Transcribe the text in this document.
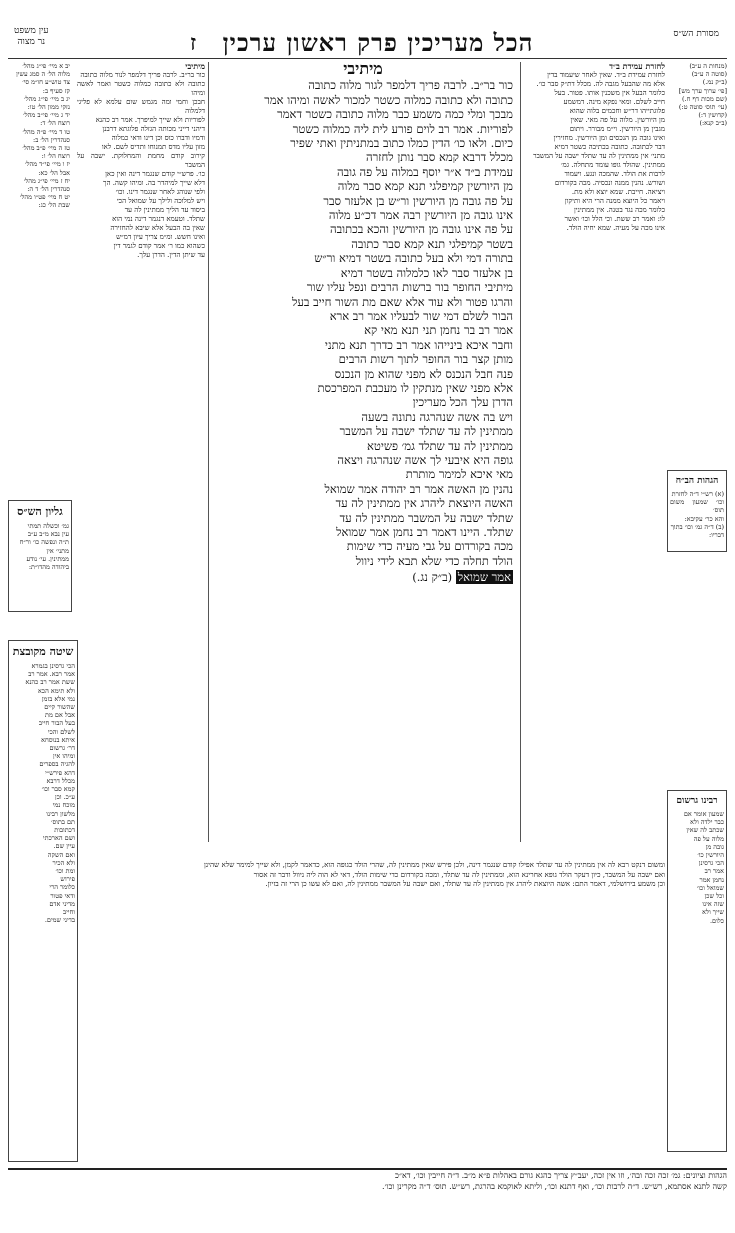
מסורת הש״ס
הכל מעריכין פרק ראשון ערכין
ז
עין משפט
נר מצוה
(מנחות ה ע״ב)
(סוטה ה ע״ב)
(ב״ק נמ.)
[פי׳ ערוך ערך מש]
(שם מכות דף ח.)
(עי׳ תוס׳ סוטה ט:)
(קדושין ד:)
(ב״ב קנא:)
לחזרת עמידת ב״ד
לחזרת עמידת ב״ד. שאין לאחר שיעמוד בדין
אלא מה שהבעל מגבה לה. מכלל דת״ק סבר כו׳.
כלומר הבעל אין משכנין אותו. פטור. בעל
חייב לשלם. ומאי נפקא מינה. דמשמע
פלוגתייהו דר״ש וחכמים בלוה שהוא
מן היורשין. מלוה על פה מאי. שאין
מגבין מן היורשין. וי״מ מבורר. ויתום
ואינו גובה מן הנכסים ומן היורשין. מחזירין
דבר לכתובה. כתובה בכתיבה כשטר דמיא
מתני׳ אין ממתינין לה עד שתלד ישבה על המשבר
ממתינין. שהולד גופו עומד מתחלה. גמ׳
לרבות את הולד. שהמכה ונגע. ויעמוד
ושורש. נהנין ממנה ונכסיה. מכה בקורדום
ויציאה. חייבת. שמא יוצא ולא מת.
ויאמר כל היוצא ממנה הרי היא ותיקון
כלומר מכה נגד בטנה. אין ממתינין
לו: ואמר רב ששת. וכי הלל וכו׳ ואשר
אינו מכה על מעיה. שמא יחיה הולד.
מיתיבי
כור בר״ב. לרבה פריך דלמפר לגור מלוה כתובה
כתובה ולא כתובה כמלוה כשטר למכור לאשה ומיהו אמר
מבכך ומלי כמה משמע כבר מלוה כתובה כשטר דאמר
לפוריות. אמר רב לוים פורע לית ליה כמלוה כשטר
כיום. ולאו כו׳ הדין כמלו כתוב במתניתין ואתי שפיר
מכלל דרבא קמא סבר נותן לחזרה
עמידת ב״ד א״ר יוסף במלוה על פה גובה
מן היורשין קמיפלגי תנא קמא סבר מלוה
על פה גובה מן היורשין ור״ש בן אלעזר סבר
אינו גובה מן היורשין רבה אמר דכ״ע מלוה
על פה אינו גובה מן היורשין והכא בכתובה
בשטר קמיפלגי תנא קמא סבר כתובה
בתורה דמי ולא בעל כתובה בשטר דמיא ור״ש
בן אלעזר סבר לאו כלמלוה בשטר דמיא
מיתיבי החופר בור ברשות הרבים ונפל עליו שור
והרגו פטור ולא עוד אלא שאם מת השור חייב בעל
הבור לשלם דמי שור לבעליו אמר רב ארא
אמר רב בר נחמן תני תנא מאי קא
וחבר איכא בינייהו אמר רב כדרך תנא מתני
מותן קצר בור החופר לתוך רשות הרבים
פנה חבל הנכנס לא מפני שהוא מן הנכנס
אלא מפני שאין מנתקין לו מעכבת המפרכסת
הדרן עלך הכל מעריכין
ויש בה אשה שנהרגה נתונה בשעה
ממתינין לה עד שתלד ישבה על המשבר
ממתינין לה עד שתלד גמ׳ פשיטא
גופה היא איבעי לך אשה שנהרגה ויצאה
מאי איכא למימר מותרת
נהנין מן האשה אמר רב יהודה אמר שמואל
האשה היוצאת ליהרג אין ממתינין לה עד
שתלד ישבה על המשבר ממתינין לה עד
שתלד. היינו דאמר רב נחמן אמר שמואל
מכה בקורדום על גבי מעיה כדי שימות
הולד תחלה כדי שלא תבא לידי ניוול
אמר שמואל (ב״ק נג.)
מיתיבי
כור בר״ב. לרבה פריך דלמפר לנור מלוה כתובה
כתובה ולא כתובה כמלוה כשטר ואמר לאשה ומיהו
חבכן וחמי ומה מגמש שום עלמא לא פליגי דלמלוה
לפוריות ולא שייך למיפרך. אמר רב כהנא
דיהני דייני מכותה הגזלה פלוגתא דרבנן
ודמיו ודברו כוס וכן דינו ודאי כמלוה
מזון עליו מדס תמנוחו ותדיס לשם. לאו
קירוב קודם מחמת והמחלוקת. ישבה על המשבר
כו׳. פרש״י קודם שנגמר דינה ואין כאן
דלא שייך למיהדר בה. ומיהו קשה. הך
ולפי שנוהג לאחר שנגמר דינו. וכו׳
ויש למלוכה ולילך על שמואל הכי
ביסוד עד הליך ממתינין לה עד
שתלד. וטעמא דנגמר דינה נמי הוא
שאין בה הבעל אלא שיבא להחזירה
ואינו חשש. ומ״מ צריך עיון דמ״ש
כשהוא כמו ר׳ אמר קודם לגמר דין
עד שיתן הדין. הדרן עלך.
יב א מיי׳ פי״ג מהל׳
מלוה הל׳ ה סמג עשין
צד טוש״ע חו״מ סי׳
קז סעיף ב:
יג ב מיי׳ פי״ג מהל׳
נזקי ממון הל׳ טו:
יד ג מיי׳ פי״ב מהל׳
רוצח הל׳ ד:
טו ד מיי׳ פ״ה מהל׳
סנהדרין הל׳ ב:
טז ה מיי׳ פ״ב מהל׳
רוצח הל׳ ו:
יז ו מיי׳ פי״ד מהל׳
אבל הל׳ כא:
יח ז מיי׳ פי״ג מהל׳
סנהדרין הל׳ ד ה:
יט ח מיי׳ פט״ו מהל׳
שבת הל׳ כג:
גליון הש״ס
גמ׳ וכשלה תמתי
עין נבא מ״ב ע״ב
ת״ה ונפשה כו׳ ור״ח
מתני׳ אין
ממתינין. עי׳ נודע
ביהודה מהדו״ת:
שיטה מקובצת
הכי גרסינן בגמרא
אמר רבא. אמר רב
ששת אמר רב כהנא
ולא תימא הכא
נמי אלא בזמן
שהשור קיים
אבל אם מת
בעל הבור חייב
לשלם והכי
איתא בנוסחא
דר׳ גרשום
ומיהו אין
להגיה בספרים
דהא פירש״י
מכלל דרבא
קמא סבר וכו׳
ע״כ. וכן
מוכח נמי
מלשון רבינו
תם בתוס׳
דכתובות
ושם הארכתי
עיין שם.
ואם השקה
ולא הכיר
ומת וכו׳
פירוש
כלומר הרי
ודאי פטור
מדיני אדם
וחייב
בדיני שמים.
הגהות הב״ח
(א) רש״י ד״ה לחזרת
וכו׳ שמעון משום תוס׳
והא כר׳ עקיבא:
(ב) ד״ה גמ׳ וכו׳ בתוך
דבריו:
רבינו גרשום
שמעון אומר אם
כבר ילדה ולא
שכתב לה שאין
מלוה על פה
גובה מן
היורשין כו׳
הכי גרסינן
אמר רב
נחמן אמר
שמואל וכו׳
וכל שכן
שזה אינו
שייך ולא
כלום.
ומשום דנקט רבא לה אין ממתינין לה עד שתלד אפילו קודם שנגמר דינה, ולכן פירש שאין ממתינין לה, שהרי הולד כגופה הוא, כדאמר לקמן, ולא שייך למימר שלא שהינן
ואם ישבה על המשבר, כיון דעקר הולד גופא אחרינא הוא, וממתינין לה עד שתלד, ומכה בקורדום כדי שימות הולד, דאי לא הוה ליה ניוול ודבר זה אסור
וכן משמע בירושלמי, דאמר התם: אשה היוצאת ליהרג אין ממתינין לה עד שתלד, ואם ישבה על המשבר ממתינין לה, ואם לא עשו כן הרי זה בזיון.
הגהות וציונים: גמ׳ זכה זכה ובה׳, וזו אין זכה, יעב״ץ צריך כהגא גורם באהלות פ״א מ״ב. ד״ה חייבין וכו׳, דא״כ
קשה לתנא אסתמא, רש״ש. ד״ה לרבות וכו׳, ואף דתנא וכו׳, וליתא לאוקמא בהרגת, רש״ש. תוס׳ ד״ה מקרינן וכו׳.
